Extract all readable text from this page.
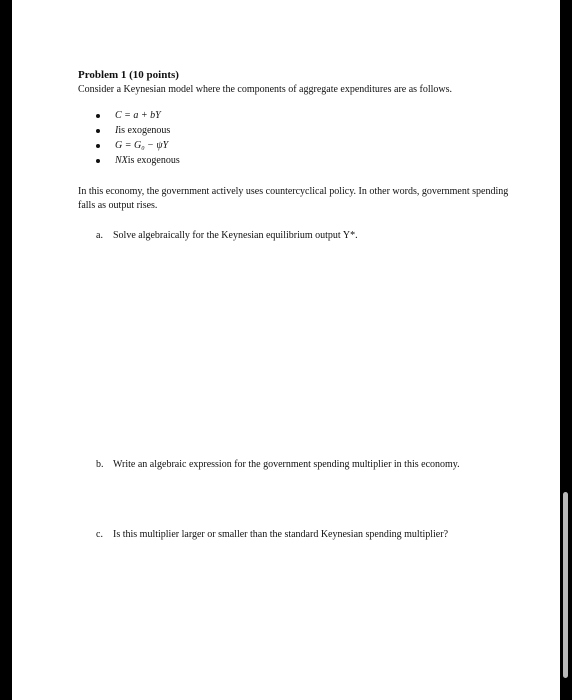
Problem 1 (10 points)
Consider a Keynesian model where the components of aggregate expenditures are as follows.
C = a + bY
I is exogenous
G = G₀ − ψY
NX is exogenous
In this economy, the government actively uses countercyclical policy. In other words, government spending falls as output rises.
a. Solve algebraically for the Keynesian equilibrium output Y*.
b. Write an algebraic expression for the government spending multiplier in this economy.
c. Is this multiplier larger or smaller than the standard Keynesian spending multiplier?
